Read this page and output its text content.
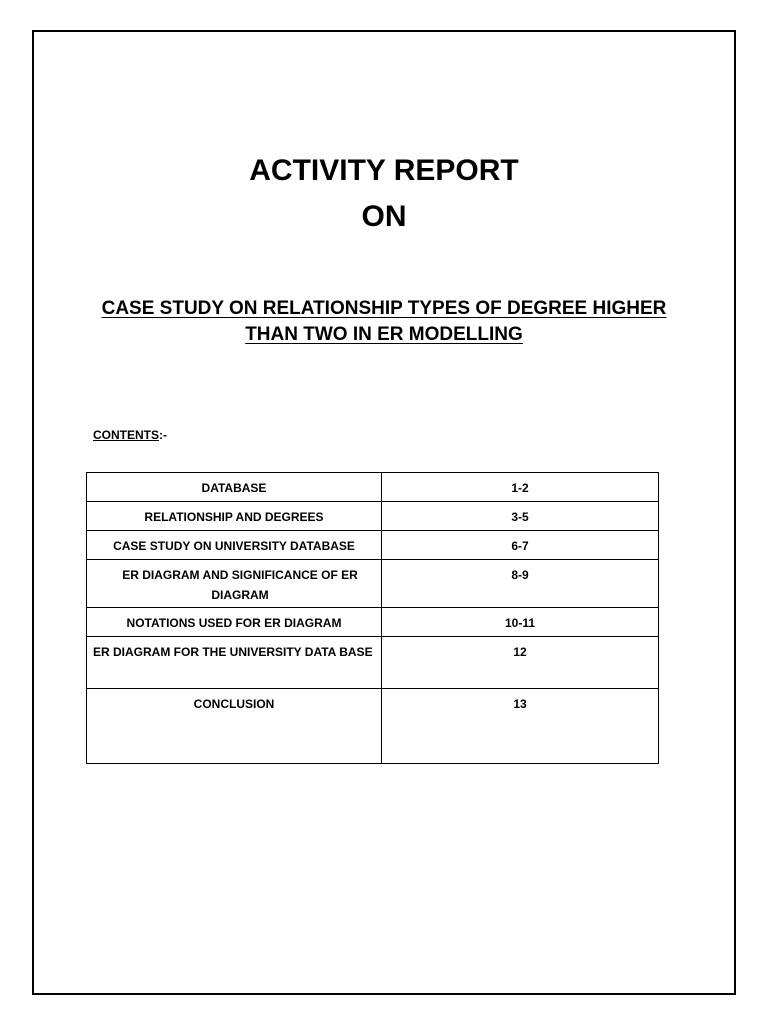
ACTIVITY REPORT
ON
CASE STUDY ON RELATIONSHIP TYPES OF DEGREE HIGHER THAN TWO IN ER MODELLING
CONTENTS:-
DATABASE	1-2
RELATIONSHIP AND DEGREES	3-5
CASE STUDY ON UNIVERSITY DATABASE	6-7
ER DIAGRAM AND SIGNIFICANCE OF ER DIAGRAM	8-9
NOTATIONS USED FOR ER DIAGRAM	10-11
ER DIAGRAM FOR THE UNIVERSITY DATA BASE	12
CONCLUSION	13
